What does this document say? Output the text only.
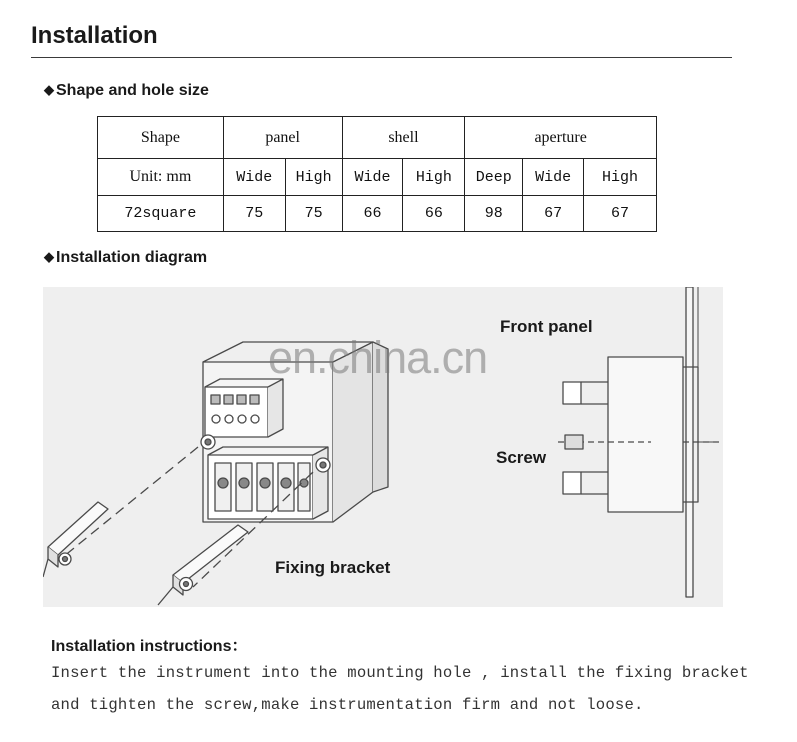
Installation
◆ Shape and hole size
Shape	panel		shell		aperture		
Unit: mm	Wide	High	Wide	High	Deep	Wide	High
72square	75	75	66	66	98	67	67
◆ Installation diagram
en.china.cn
Front panel
Screw
Fixing bracket
Installation instructions：
Insert the instrument into the mounting hole , install the fixing bracket
and tighten the screw,make instrumentation firm and not loose.
